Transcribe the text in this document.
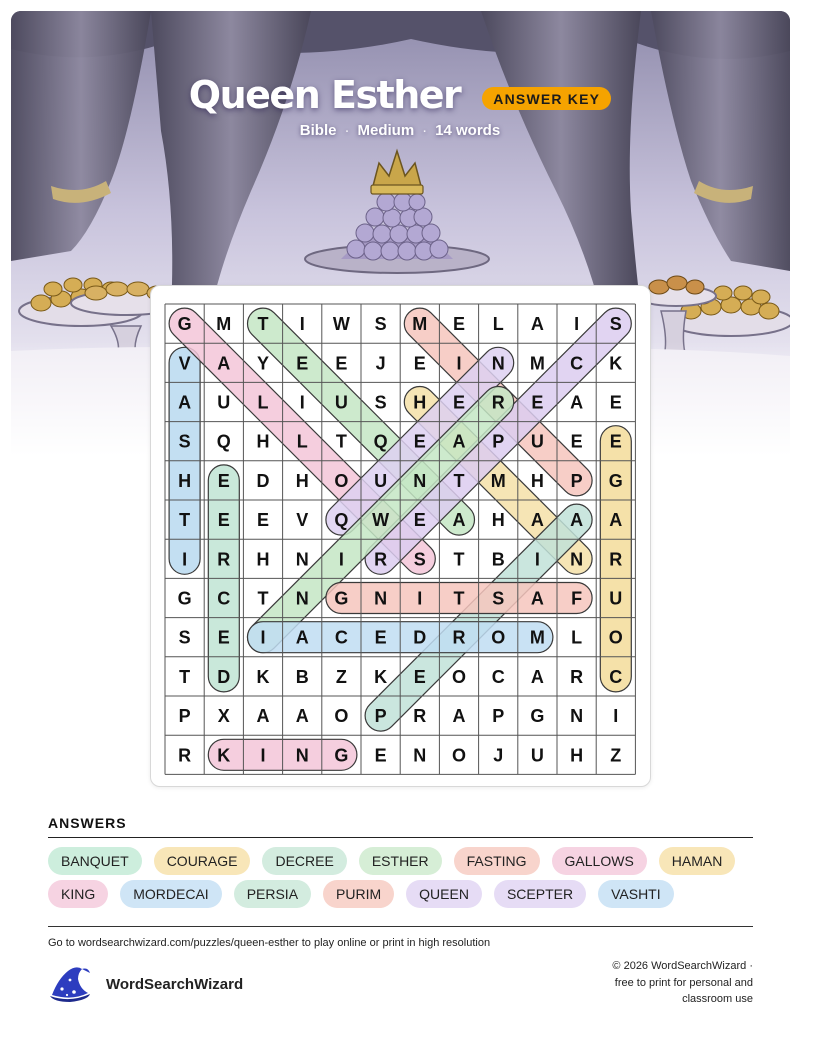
Queen Esther	ANSWER KEY
Bible · Medium · 14 words
G M T I W S M E L A I S
V A Y E E J E I N M C K
A U L I U S H E R E A E
S Q H L T Q E A P U E E
H E D H O U N T M H P G
T E E V Q W E A H A A A
I R H N I R S T B I N R
G C T N G N I T S A F U
S E I A C E D R O M L O
T D K B Z K E O C A R C
P X A A O P R A P G N I
R K I N G E N O J U H Z
ANSWERS
BANQUET	COURAGE	DECREE	ESTHER	FASTING	GALLOWS	HAMAN
KING	MORDECAI	PERSIA	PURIM	QUEEN	SCEPTER	VASHTI
Go to wordsearchwizard.com/puzzles/queen-esther to play online or print in high resolution
WordSearchWizard
© 2026 WordSearchWizard ·
free to print for personal and
classroom use
